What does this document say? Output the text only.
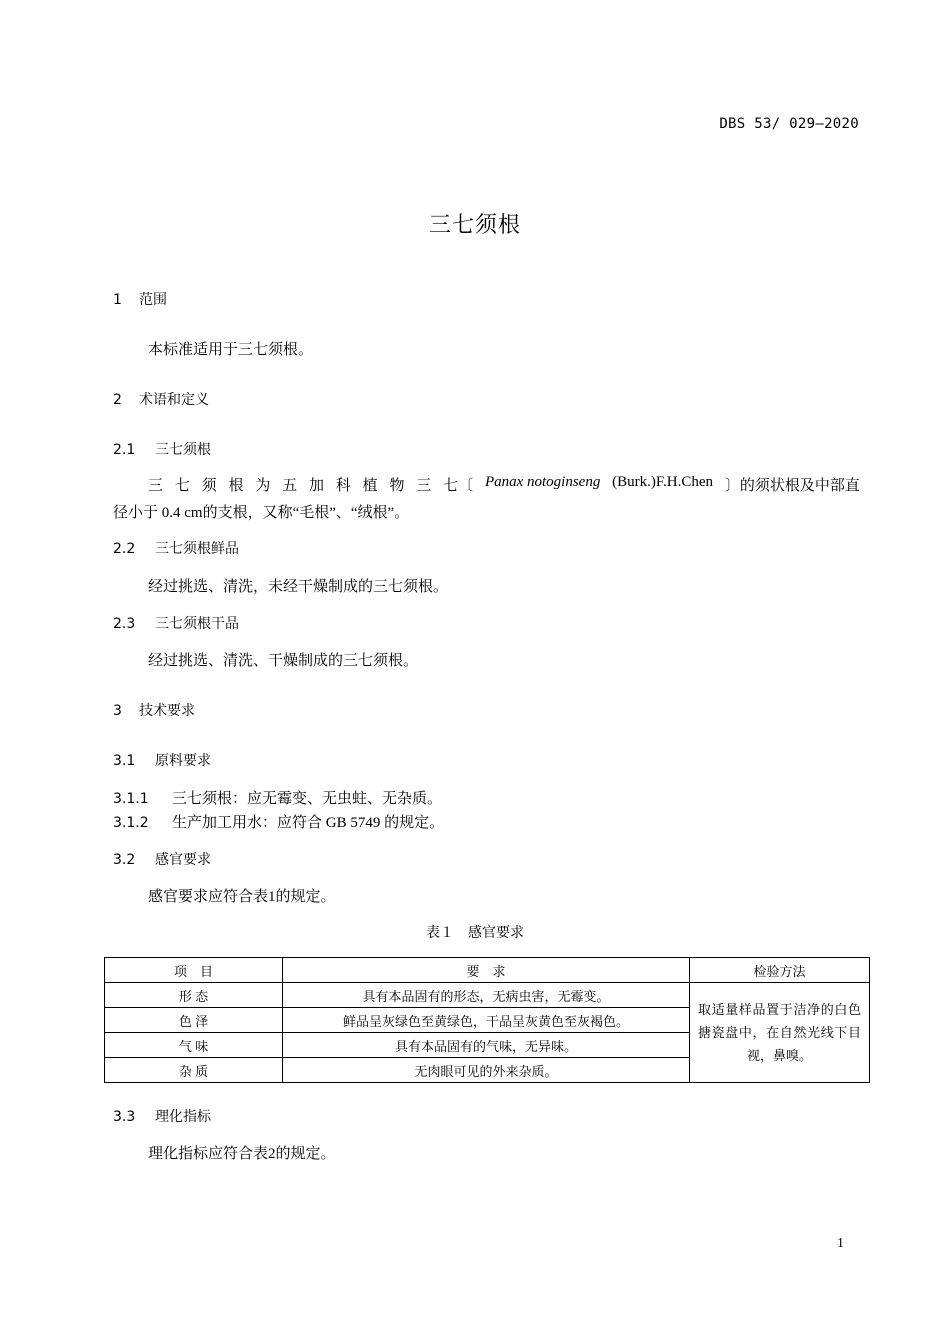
DBS 53/ 029—2020
三七须根
1 范围
本标准适用于三七须根。
2 术语和定义
2.1 三七须根
三 七 须 根 为 五 加 科 植 物 三 七〔 Panax notoginseng (Burk.)F.H.Chen 〕的须状根及中部直
径小于 0.4 cm的支根，又称“毛根”、“绒根”。
2.2 三七须根鲜品
经过挑选、清洗，未经干燥制成的三七须根。
2.3 三七须根干品
经过挑选、清洗、干燥制成的三七须根。
3 技术要求
3.1 原料要求
3.1.1 三七须根：应无霉变、无虫蛀、无杂质。
3.1.2 生产加工用水：应符合 GB 5749 的规定。
3.2 感官要求
感官要求应符合表1的规定。
表１　感官要求
项　目	要　求	检验方法
形 态	具有本品固有的形态，无病虫害，无霉变。	取适量样品置于洁净的白色搪瓷盘中，在自然光线下目视，鼻嗅。
色 泽	鲜品呈灰绿色至黄绿色，干品呈灰黄色至灰褐色。	
气 味	具有本品固有的气味，无异味。	
杂 质	无肉眼可见的外来杂质。	
3.3 理化指标
理化指标应符合表2的规定。
1
